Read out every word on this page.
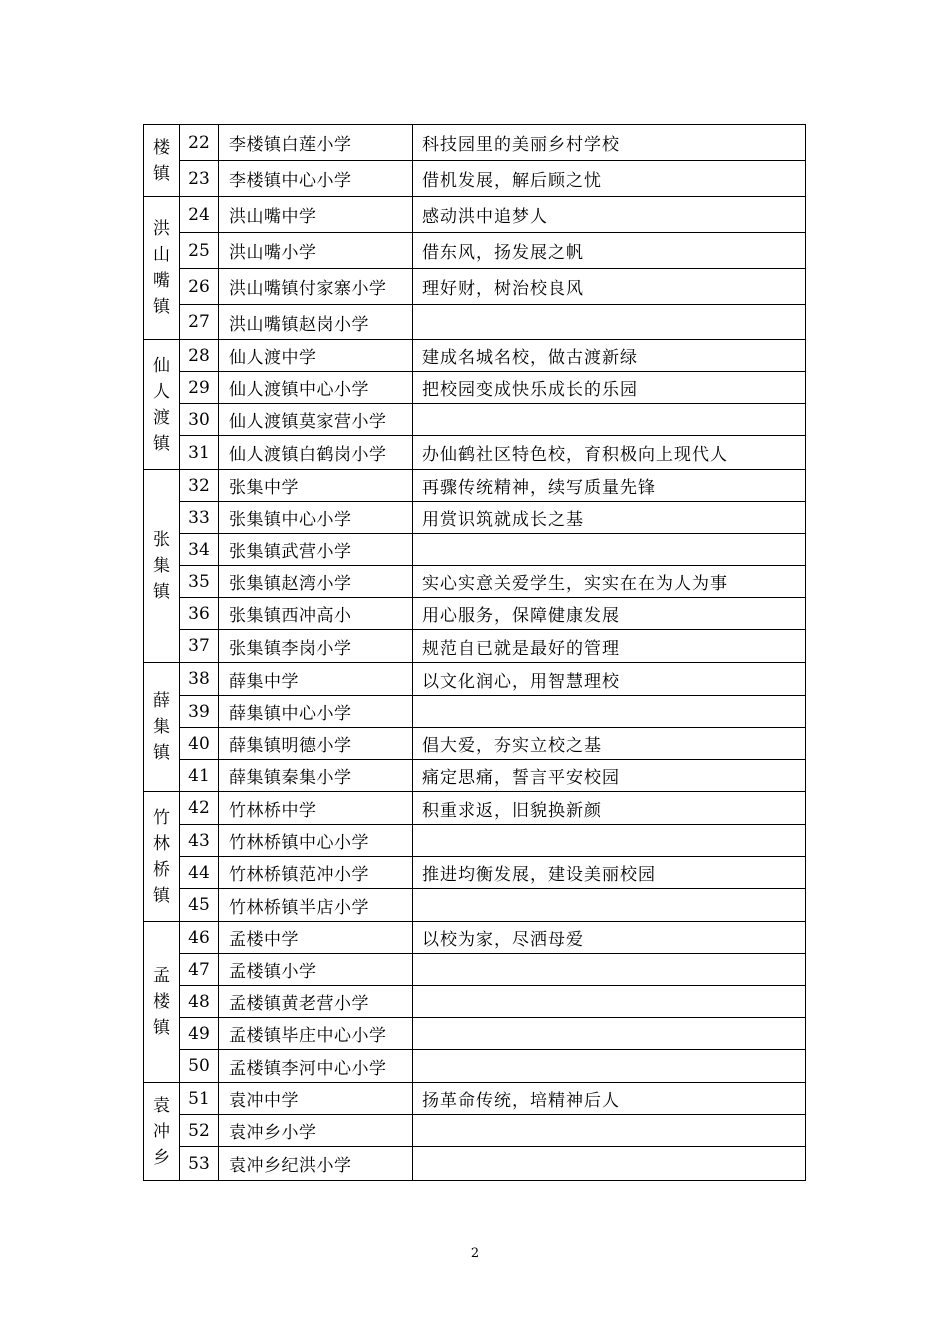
楼镇	22	李楼镇白莲小学	科技园里的美丽乡村学校
	23	李楼镇中心小学	借机发展，解后顾之忧

洪山嘴镇	24	洪山嘴中学	感动洪中追梦人
	25	洪山嘴小学	借东风，扬发展之帆
	26	洪山嘴镇付家寨小学	理好财，树治校良风
	27	洪山嘴镇赵岗小学	

仙人渡镇	28	仙人渡中学	建成名城名校，做古渡新绿
	29	仙人渡镇中心小学	把校园变成快乐成长的乐园
	30	仙人渡镇莫家营小学	
	31	仙人渡镇白鹤岗小学	办仙鹤社区特色校，育积极向上现代人

张集镇	32	张集中学	再骤传统精神，续写质量先锋
	33	张集镇中心小学	用赏识筑就成长之基
	34	张集镇武营小学	
	35	张集镇赵湾小学	实心实意关爱学生，实实在在为人为事
	36	张集镇西冲高小	用心服务，保障健康发展
	37	张集镇李岗小学	规范自已就是最好的管理

薛集镇	38	薛集中学	以文化润心，用智慧理校
	39	薛集镇中心小学	
	40	薛集镇明德小学	倡大爱，夯实立校之基
	41	薛集镇秦集小学	痛定思痛，誓言平安校园

竹林桥镇	42	竹林桥中学	积重求返，旧貌换新颜
	43	竹林桥镇中心小学	
	44	竹林桥镇范冲小学	推进均衡发展，建设美丽校园
	45	竹林桥镇半店小学	

孟楼镇	46	孟楼中学	以校为家，尽洒母爱
	47	孟楼镇小学	
	48	孟楼镇黄老营小学	
	49	孟楼镇毕庄中心小学	
	50	孟楼镇李河中心小学	

袁冲乡	51	袁冲中学	扬革命传统，培精神后人
	52	袁冲乡小学	
	53	袁冲乡纪洪小学	
2
